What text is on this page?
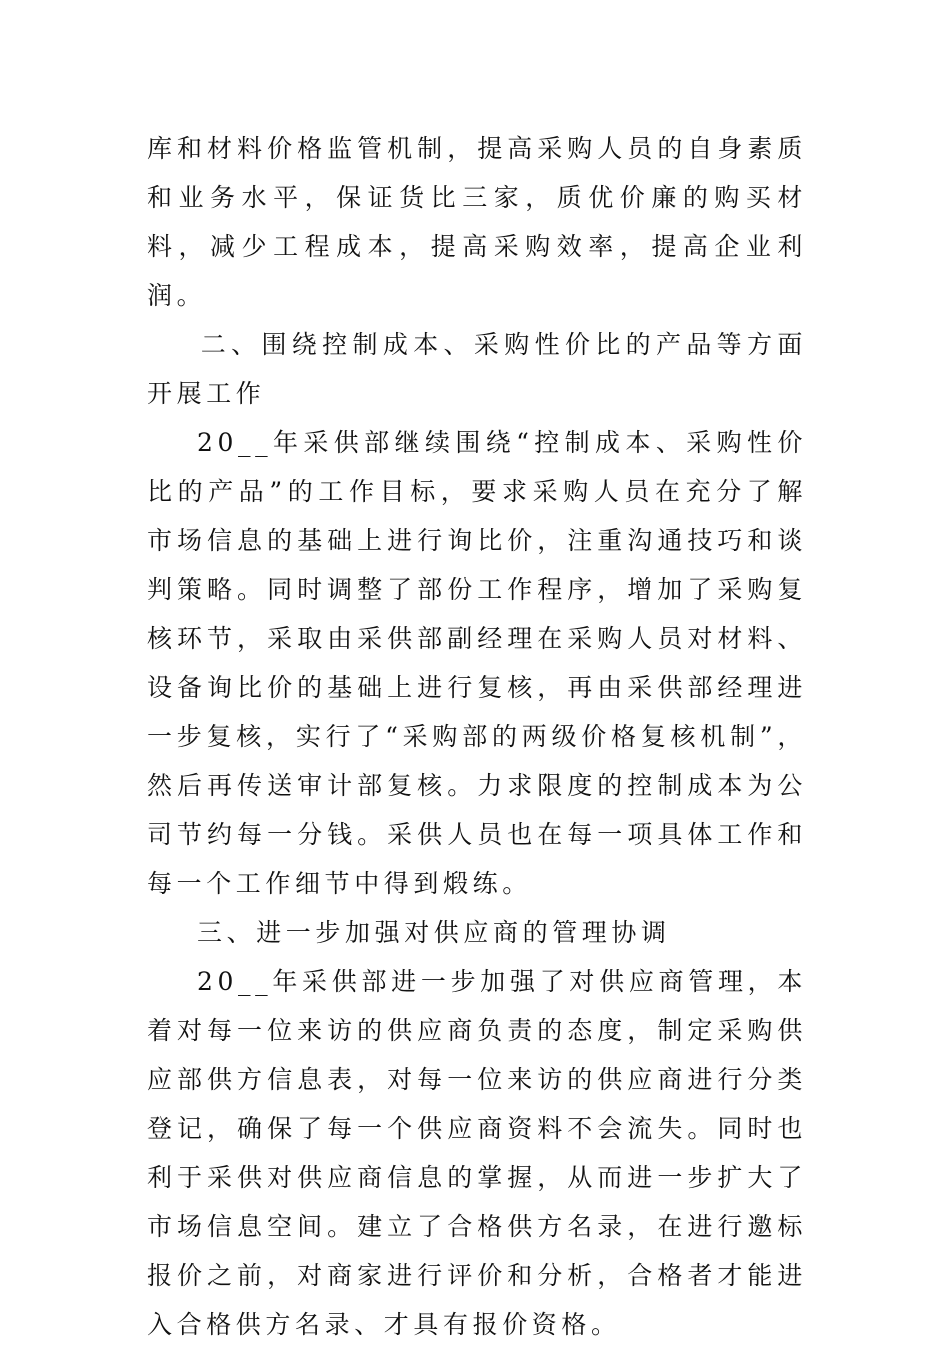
库和材料价格监管机制，提高采购人员的自身素质和业务水平，保证货比三家，质优价廉的购买材料，减少工程成本，提高采购效率，提高企业利润。

二、围绕控制成本、采购性价比的产品等方面开展工作

20__年采供部继续围绕“控制成本、采购性价比的产品”的工作目标，要求采购人员在充分了解市场信息的基础上进行询比价，注重沟通技巧和谈判策略。同时调整了部份工作程序，增加了采购复核环节，采取由采供部副经理在采购人员对材料、设备询比价的基础上进行复核，再由采供部经理进一步复核，实行了“采购部的两级价格复核机制”，然后再传送审计部复核。力求限度的控制成本为公司节约每一分钱。采供人员也在每一项具体工作和每一个工作细节中得到煅练。

三、进一步加强对供应商的管理协调

20__年采供部进一步加强了对供应商管理，本着对每一位来访的供应商负责的态度，制定采购供应部供方信息表，对每一位来访的供应商进行分类登记，确保了每一个供应商资料不会流失。同时也利于采供对供应商信息的掌握，从而进一步扩大了市场信息空间。建立了合格供方名录，在进行邀标报价之前，对商家进行评价和分析，合格者才能进入合格供方名录、才具有报价资格。
